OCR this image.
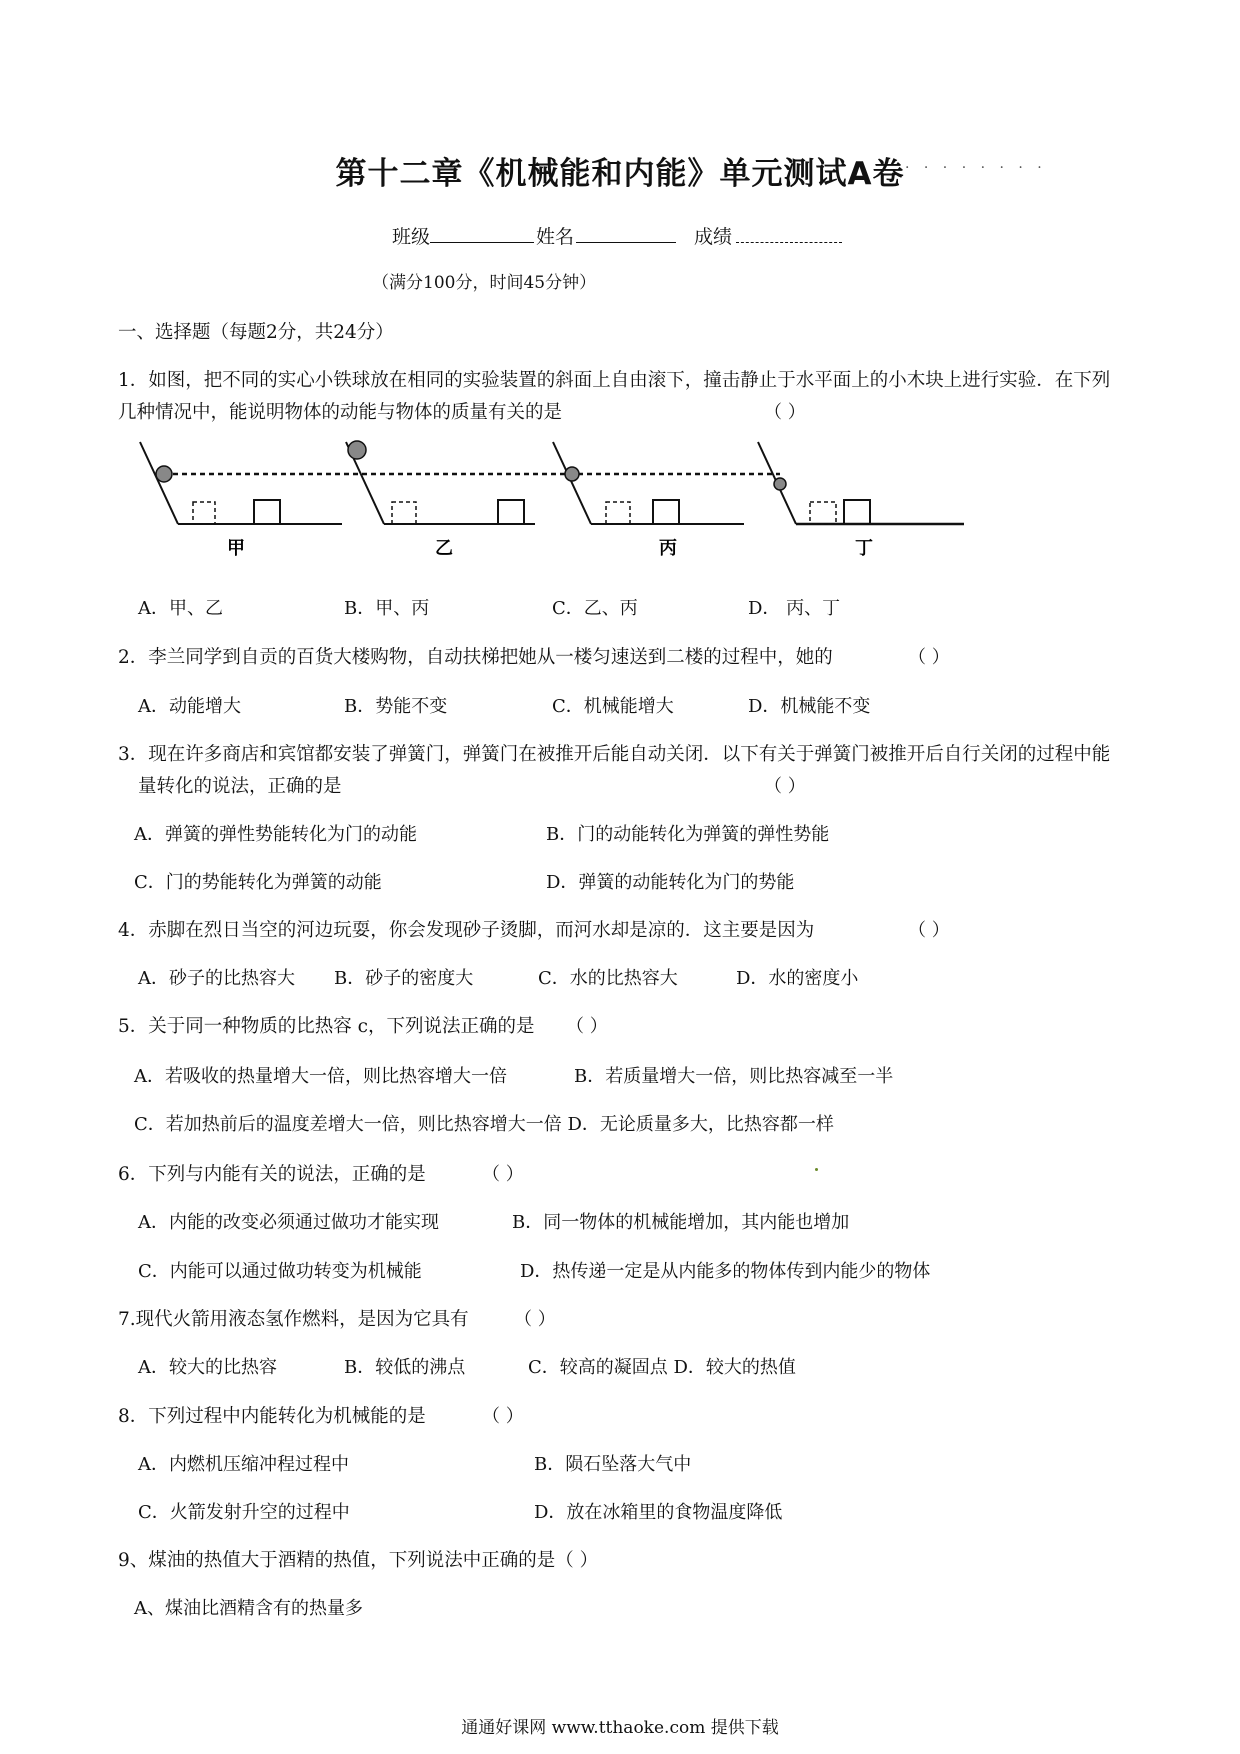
第十二章《机械能和内能》单元测试A卷 · · · · · · · ·
班级	姓名	成绩
（满分100分，时间45分钟）
一、选择题（每题2分，共24分）
1．如图，把不同的实心小铁球放在相同的实验装置的斜面上自由滚下，撞击静止于水平面上的小木块上进行实验．在下列
几种情况中，能说明物体的动能与物体的质量有关的是	（ ）
甲	乙	丙	丁
A．甲、乙	B．甲、丙	C．乙、丙	D． 丙、丁
2．李兰同学到自贡的百货大楼购物，自动扶梯把她从一楼匀速送到二楼的过程中，她的	（ ）
A．动能增大	B．势能不变	C．机械能增大	D．机械能不变
3．现在许多商店和宾馆都安装了弹簧门，弹簧门在被推开后能自动关闭．以下有关于弹簧门被推开后自行关闭的过程中能
量转化的说法，正确的是	（ ）
A．弹簧的弹性势能转化为门的动能	B．门的动能转化为弹簧的弹性势能
C．门的势能转化为弹簧的动能	D．弹簧的动能转化为门的势能
4．赤脚在烈日当空的河边玩耍，你会发现砂子烫脚，而河水却是凉的．这主要是因为	（ ）
A．砂子的比热容大 B．砂子的密度大	C．水的比热容大	D．水的密度小
5．关于同一种物质的比热容 c，下列说法正确的是 （ ）
A．若吸收的热量增大一倍，则比热容增大一倍	B．若质量增大一倍，则比热容减至一半
C．若加热前后的温度差增大一倍，则比热容增大一倍 D．无论质量多大，比热容都一样
6．下列与内能有关的说法，正确的是	（ ）
A．内能的改变必须通过做功才能实现	B．同一物体的机械能增加，其内能也增加
C．内能可以通过做功转变为机械能	D．热传递一定是从内能多的物体传到内能少的物体
7.现代火箭用液态氢作燃料，是因为它具有	（ ）
A．较大的比热容	B．较低的沸点	C．较高的凝固点 D．较大的热值
8．下列过程中内能转化为机械能的是	（ ）
A．内燃机压缩冲程过程中	B．陨石坠落大气中
C．火箭发射升空的过程中	D．放在冰箱里的食物温度降低
9、煤油的热值大于酒精的热值，下列说法中正确的是（ ）
A、煤油比酒精含有的热量多
通通好课网 www.tthaoke.com 提供下载
